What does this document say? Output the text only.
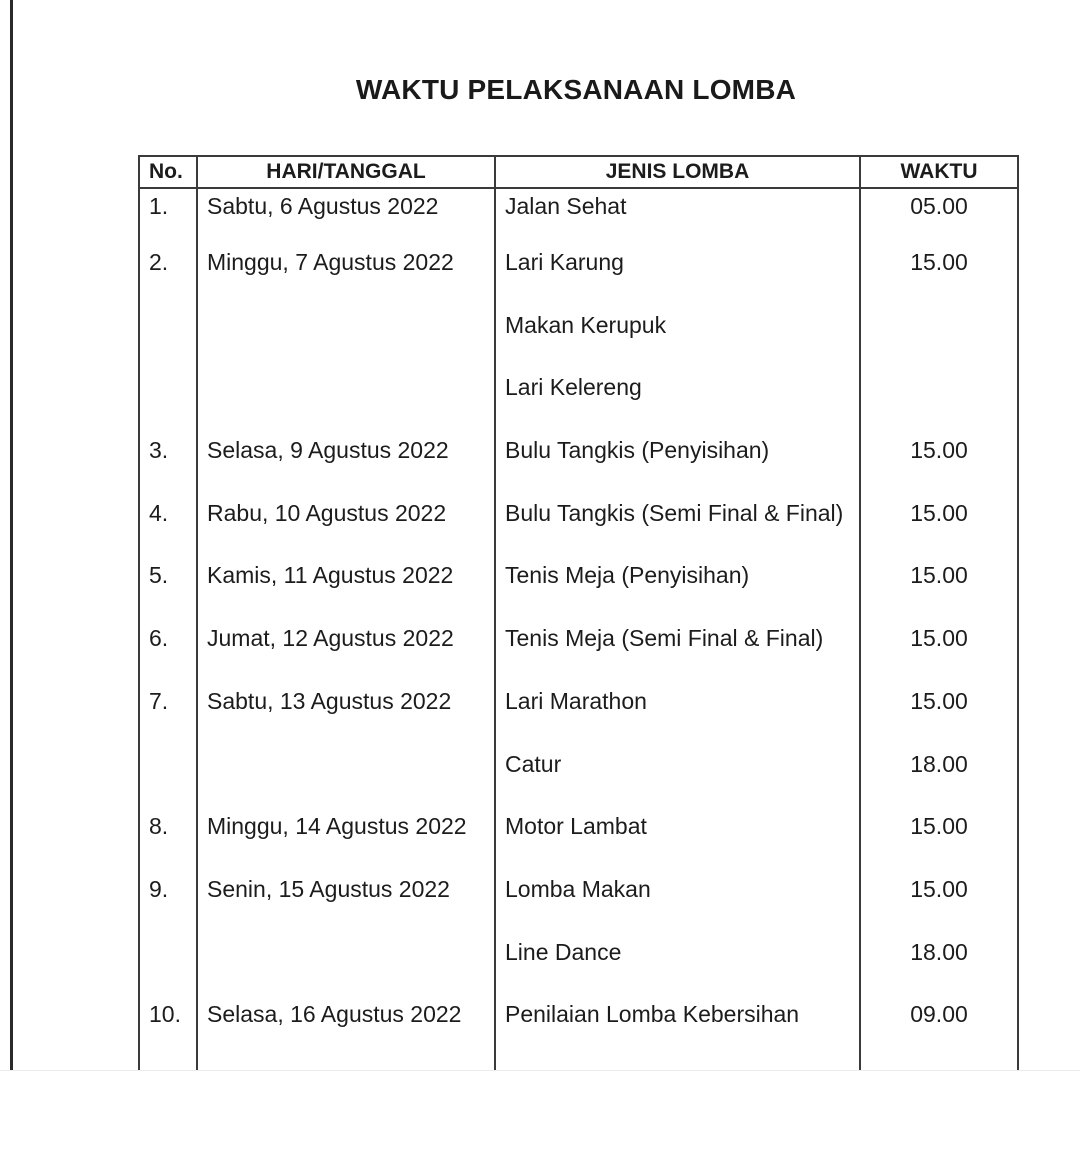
WAKTU PELAKSANAAN LOMBA
No.	HARI/TANGGAL	JENIS LOMBA	WAKTU
1.	Sabtu, 6 Agustus 2022	Jalan Sehat	05.00
2.	Minggu, 7 Agustus 2022	Lari Karung	15.00
		Makan Kerupuk	
		Lari Kelereng	
3.	Selasa, 9 Agustus 2022	Bulu Tangkis (Penyisihan)	15.00
4.	Rabu, 10 Agustus 2022	Bulu Tangkis (Semi Final & Final)	15.00
5.	Kamis, 11 Agustus 2022	Tenis Meja (Penyisihan)	15.00
6.	Jumat, 12 Agustus 2022	Tenis Meja (Semi Final & Final)	15.00
7.	Sabtu, 13 Agustus 2022	Lari Marathon	15.00
		Catur	18.00
8.	Minggu, 14 Agustus 2022	Motor Lambat	15.00
9.	Senin, 15 Agustus 2022	Lomba Makan	15.00
		Line Dance	18.00
10.	Selasa, 16 Agustus 2022	Penilaian Lomba Kebersihan	09.00
